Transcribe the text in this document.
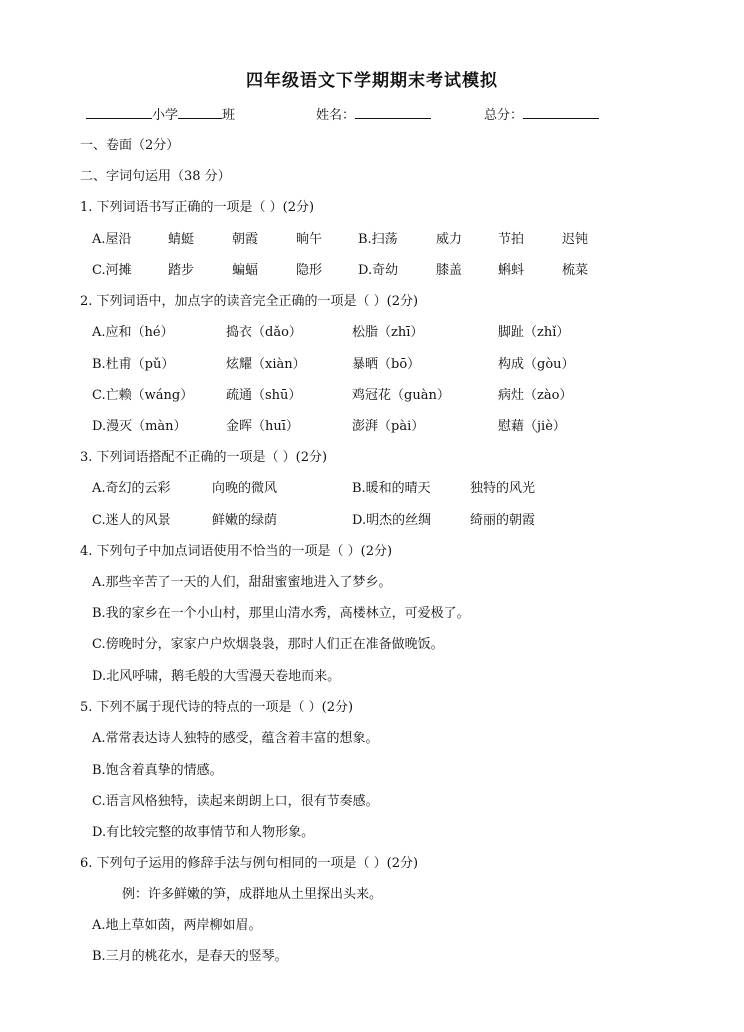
四年级语文下学期期末考试模拟
小学	班	姓名：	总分：
一、卷面（2分）
二、字词句运用（38 分）
1. 下列词语书写正确的一项是（ ）(2分)
A.屋沿	蜻蜓	朝霞	晌午	B.扫荡	威力	节拍	迟钝
C.河摊	踏步	蝙蝠	隐形	D.奇幼	膝盖	蝌蚪	梳菜
2. 下列词语中，加点字的读音完全正确的一项是（ ）(2分)
A.应和（hé）	捣衣（dǎo）	松脂（zhī）	脚趾（zhǐ）
B.杜甫（pǔ）	炫耀（xiàn）	暴晒（bō）	构成（gòu）
C.亡赖（wáng）	疏通（shū）	鸡冠花（guàn）	病灶（zào）
D.漫灭（màn）	金晖（huī）	澎湃（pài）	慰藉（jiè）
3. 下列词语搭配不正确的一项是（ ）(2分)
A.奇幻的云彩	向晚的微风	B.暖和的晴天	独特的风光
C.迷人的风景	鲜嫩的绿荫	D.明杰的丝绸	绮丽的朝霞
4. 下列句子中加点词语使用不恰当的一项是（ ）(2分)
A.那些辛苦了一天的人们，甜甜蜜蜜地进入了梦乡。
B.我的家乡在一个小山村，那里山清水秀，高楼林立，可爱极了。
C.傍晚时分，家家户户炊烟袅袅，那时人们正在准备做晚饭。
D.北风呼啸，鹅毛般的大雪漫天卷地而来。
5. 下列不属于现代诗的特点的一项是（ ）(2分)
A.常常表达诗人独特的感受，蕴含着丰富的想象。
B.饱含着真挚的情感。
C.语言风格独特，读起来朗朗上口，很有节奏感。
D.有比较完整的故事情节和人物形象。
6. 下列句子运用的修辞手法与例句相同的一项是（ ）(2分)
例：许多鲜嫩的笋，成群地从土里探出头来。
A.地上草如茵，两岸柳如眉。
B.三月的桃花水，是春天的竖琴。
